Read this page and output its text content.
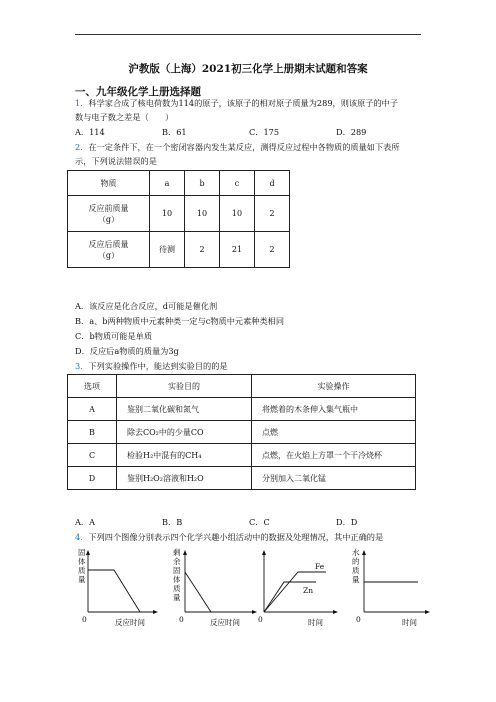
沪教版（上海）2021初三化学上册期末试题和答案
一、九年级化学上册选择题
1．科学家合成了核电荷数为114的原子，该原子的相对原子质量为289，则该原子的中子
数与电子数之差是（　　）
A．114	B．61	C．175	D．289
2．在一定条件下，在一个密闭容器内发生某反应，测得反应过程中各物质的质量如下表所
示，下列说法错误的是
物质	a	b	c	d

反应前质量
（g）	10	10	10	2

反应后质量
（g）	待测	2	21	2
A．该反应是化合反应，d可能是催化剂
B．a、b两种物质中元素种类一定与c物质中元素种类相同
C．b物质可能是单质
D．反应后a物质的质量为3g
3．下列实验操作中，能达到实验目的的是
选项	实验目的	实验操作
A	鉴别二氧化碳和氮气	将燃着的木条伸入集气瓶中
B	除去CO₂中的少量CO	点燃
C	检验H₂中混有的CH₄	点燃，在火焰上方罩一个干冷烧杯
D	鉴别H₂O₂溶液和H₂O	分别加入二氧化锰
A．A	B．B	C．C	D．D
4．下列四个图像分别表示四个化学兴趣小组活动中的数据及处理情况，其中正确的是
固体质量
0	反应时间
剩余固体质量
0	反应时间
Fe
Zn
0	时间
水的质量
0	时间
